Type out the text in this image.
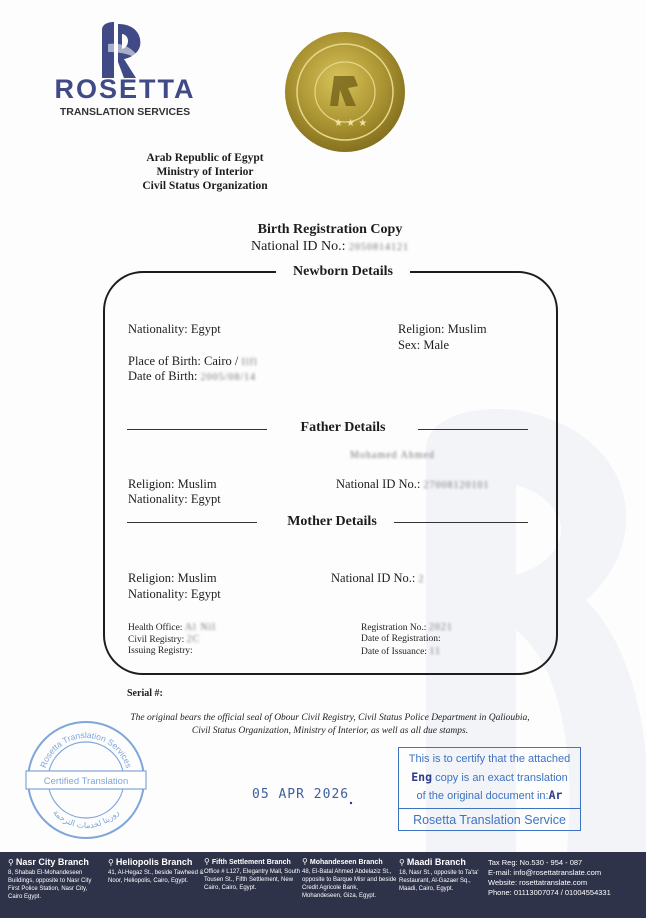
ROSETTA
TRANSLATION SERVICES
★ ★ ★
Arab Republic of Egypt
Ministry of Interior
Civil Status Organization
Birth Registration Copy
National ID No.: 2050814121
Newborn Details
Nationality: Egypt	Religion: Muslim
Sex: Male
Place of Birth: Cairo / Ilfl
Date of Birth: 2005/08/14
Father Details
Mohamed Ahmed
Religion: Muslim
Nationality: Egypt
National ID No.: 27008120101
Mother Details
Religion: Muslim
Nationality: Egypt
National ID No.: 2
Health Office: Al Nil
Civil Registry: 2C
Issuing Registry:
Registration No.: 2021
Date of Registration:
Date of Issuance: 11
Serial #:
The original bears the official seal of Obour Civil Registry, Civil Status Police Department in Qalioubia, Civil Status Organization, Ministry of Interior, as well as all due stamps.
Rosetta Translation Services
Certified Translation
روزيتا لخدمات الترجمة
05 APR 2026
This is to certify that the attached
Eng copy is an exact translation
of the original document in:Ar
Rosetta Translation Service
⚲ Nasr City Branch
8, Shabab El-Mohandeseen Buildings, opposite to Nasr City First Police Station, Nasr City, Cairo Egypt.
⚲ Heliopolis Branch
41, Al-Hegaz St., beside Tawheed & Noor, Heliopolis, Cairo, Egypt.
⚲ Fifth Settlement Branch
Office # L127, Elegantry Mall, South Tousen St., Fifth Settlement, New Cairo, Cairo, Egypt.
⚲ Mohandeseen Branch
48, El-Batal Ahmed Abdelaziz St., opposite to Barque Misr and beside Credit Agricole Bank, Mohandeseen, Giza, Egypt.
⚲ Maadi Branch
18, Nasr St., opposite to Ta'ta' Restaurant, Al-Gazaer Sq., Maadi, Cairo, Egypt.
Tax Reg: No.530 - 954 - 087
E-mail: info@rosettatranslate.com
Website: rosettatranslate.com
Phone: 01113007074 / 01004554331
